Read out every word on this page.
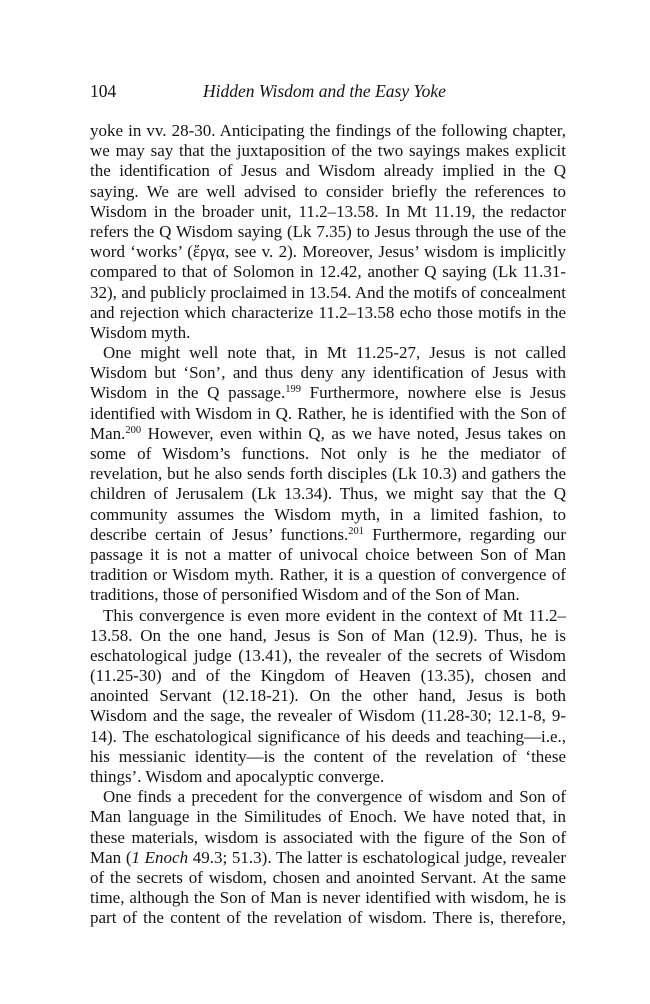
104	Hidden Wisdom and the Easy Yoke
yoke in vv. 28-30. Anticipating the findings of the following chapter,
we may say that the juxtaposition of the two sayings makes explicit
the identification of Jesus and Wisdom already implied in the Q
saying. We are well advised to consider briefly the references to
Wisdom in the broader unit, 11.2–13.58. In Mt 11.19, the redactor
refers the Q Wisdom saying (Lk 7.35) to Jesus through the use of the
word ‘works’ (ἔργα, see v. 2). Moreover, Jesus’ wisdom is implicitly
compared to that of Solomon in 12.42, another Q saying (Lk 11.31-
32), and publicly proclaimed in 13.54. And the motifs of concealment
and rejection which characterize 11.2–13.58 echo those motifs in the
Wisdom myth.
One might well note that, in Mt 11.25-27, Jesus is not called
Wisdom but ‘Son’, and thus deny any identification of Jesus with
Wisdom in the Q passage.$^{199}$ Furthermore, nowhere else is Jesus
identified with Wisdom in Q. Rather, he is identified with the Son of
Man.$^{200}$ However, even within Q, as we have noted, Jesus takes on
some of Wisdom’s functions. Not only is he the mediator of
revelation, but he also sends forth disciples (Lk 10.3) and gathers the
children of Jerusalem (Lk 13.34). Thus, we might say that the Q
community assumes the Wisdom myth, in a limited fashion, to
describe certain of Jesus’ functions.$^{201}$ Furthermore, regarding our
passage it is not a matter of univocal choice between Son of Man
tradition or Wisdom myth. Rather, it is a question of convergence of
traditions, those of personified Wisdom and of the Son of Man.
This convergence is even more evident in the context of Mt 11.2–
13.58. On the one hand, Jesus is Son of Man (12.9). Thus, he is
eschatological judge (13.41), the revealer of the secrets of Wisdom
(11.25-30) and of the Kingdom of Heaven (13.35), chosen and
anointed Servant (12.18-21). On the other hand, Jesus is both
Wisdom and the sage, the revealer of Wisdom (11.28-30; 12.1-8, 9-
14). The eschatological significance of his deeds and teaching—i.e.,
his messianic identity—is the content of the revelation of ‘these
things’. Wisdom and apocalyptic converge.
One finds a precedent for the convergence of wisdom and Son of
Man language in the Similitudes of Enoch. We have noted that, in
these materials, wisdom is associated with the figure of the Son of
Man (1 Enoch 49.3; 51.3). The latter is eschatological judge, revealer
of the secrets of wisdom, chosen and anointed Servant. At the same
time, although the Son of Man is never identified with wisdom, he is
part of the content of the revelation of wisdom. There is, therefore,
